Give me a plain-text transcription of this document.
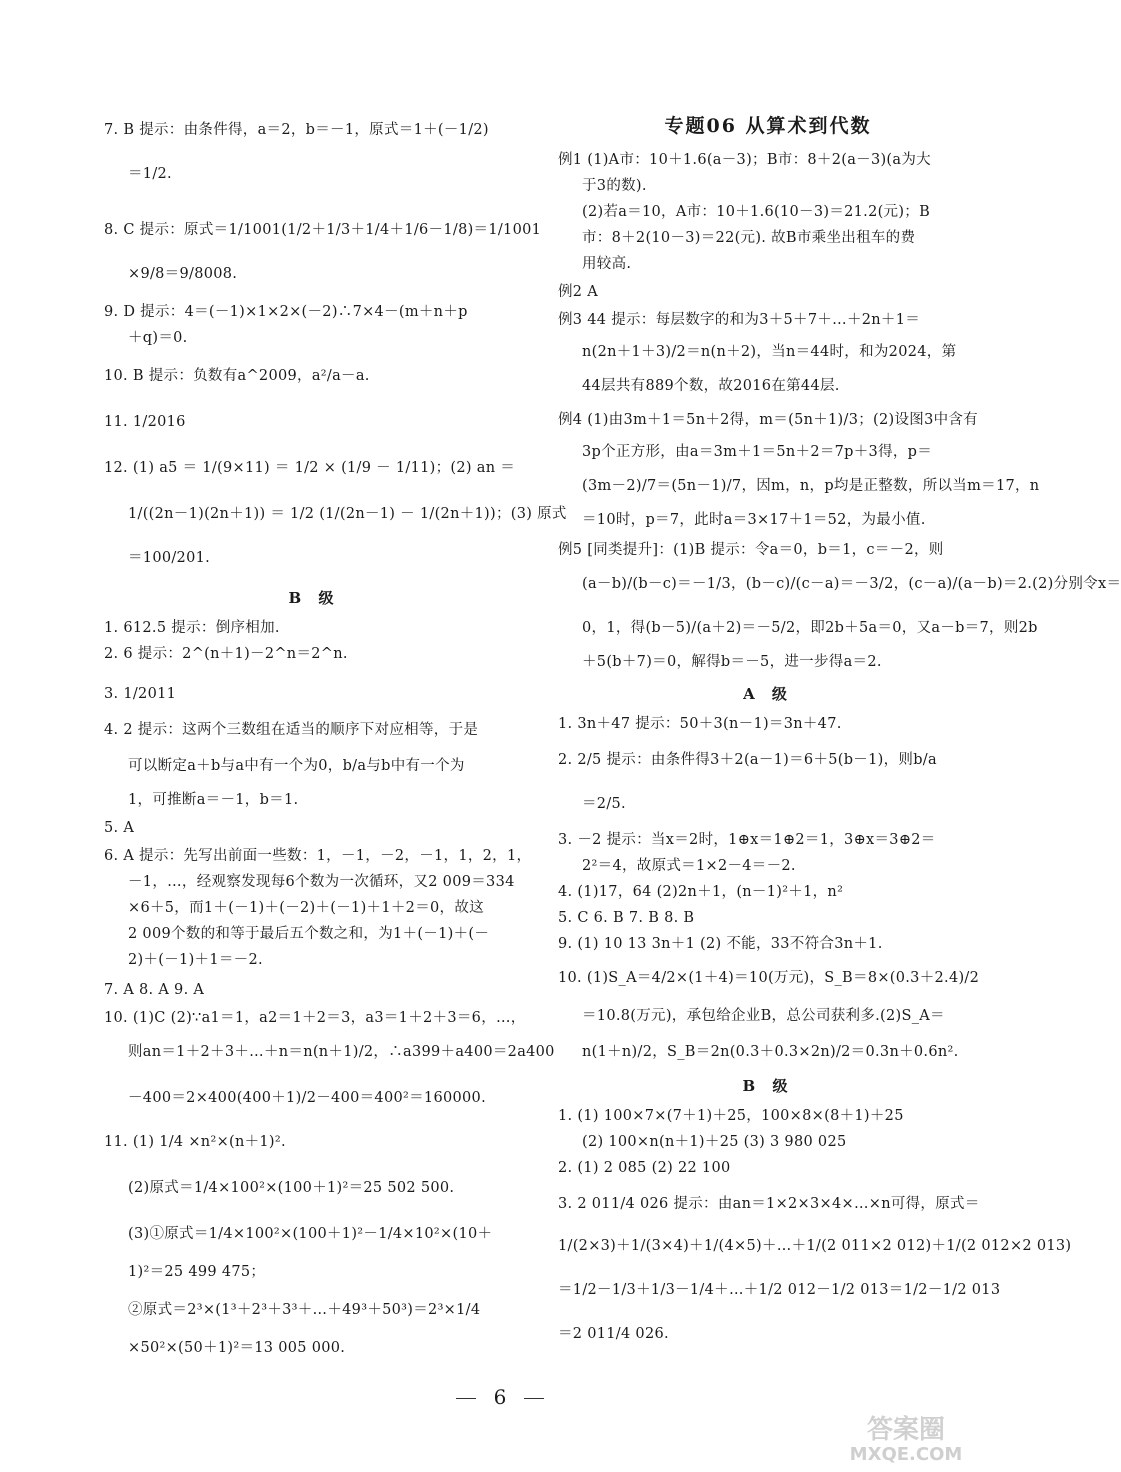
7. B 提示：由条件得，a＝2，b＝－1，原式＝1＋(－1/2)
＝1/2.
8. C 提示：原式＝1/1001(1/2＋1/3＋1/4＋1/6－1/8)＝1/1001
×9/8＝9/8008.
9. D 提示：4＝(－1)×1×2×(－2)∴7×4－(m＋n＋p
＋q)＝0.
10. B 提示：负数有a^2009，a²/a－a.
11. 1/2016
12. (1) a5 ＝ 1/(9×11) ＝ 1/2 × (1/9 － 1/11)；(2) an ＝
1/((2n－1)(2n＋1)) ＝ 1/2 (1/(2n－1) － 1/(2n＋1))；(3) 原式
＝100/201.
B 级
1. 612.5 提示：倒序相加.
2. 6 提示：2^(n＋1)－2^n＝2^n.
3. 1/2011
4. 2 提示：这两个三数组在适当的顺序下对应相等，于是
可以断定a＋b与a中有一个为0，b/a与b中有一个为
1，可推断a＝－1，b＝1.
5. A
6. A 提示：先写出前面一些数：1，－1，－2，－1，1，2，1，
－1，…，经观察发现每6个数为一次循环，又2 009＝334
×6＋5，而1＋(－1)＋(－2)＋(－1)＋1＋2＝0，故这
2 009个数的和等于最后五个数之和，为1＋(－1)＋(－
2)＋(－1)＋1＝－2.
7. A 8. A 9. A
10. (1)C (2)∵a1＝1，a2＝1＋2＝3，a3＝1＋2＋3＝6，…，
则an＝1＋2＋3＋…＋n＝n(n＋1)/2，∴a399＋a400＝2a400
－400＝2×400(400＋1)/2－400＝400²＝160000.
11. (1) 1/4 ×n²×(n＋1)².
(2)原式＝1/4×100²×(100＋1)²＝25 502 500.
(3)①原式＝1/4×100²×(100＋1)²－1/4×10²×(10＋
1)²＝25 499 475；
②原式＝2³×(1³＋2³＋3³＋…＋49³＋50³)＝2³×1/4
×50²×(50＋1)²＝13 005 000.
专题06 从算术到代数
例1 (1)A市：10＋1.6(a－3)；B市：8＋2(a－3)(a为大
于3的数).
(2)若a＝10，A市：10＋1.6(10－3)＝21.2(元)；B
市：8＋2(10－3)＝22(元). 故B市乘坐出租车的费
用较高.
例2 A
例3 44 提示：每层数字的和为3＋5＋7＋…＋2n＋1＝
n(2n＋1＋3)/2＝n(n＋2)，当n＝44时，和为2024，第
44层共有889个数，故2016在第44层.
例4 (1)由3m＋1＝5n＋2得，m＝(5n＋1)/3；(2)设图3中含有
3p个正方形，由a＝3m＋1＝5n＋2＝7p＋3得，p＝
(3m－2)/7＝(5n－1)/7，因m，n，p均是正整数，所以当m＝17，n
＝10时，p＝7，此时a＝3×17＋1＝52，为最小值.
例5 [同类提升]：(1)B 提示：令a＝0，b＝1，c＝－2，则
(a－b)/(b－c)＝－1/3，(b－c)/(c－a)＝－3/2，(c－a)/(a－b)＝2.(2)分别令x＝
0，1，得(b－5)/(a＋2)＝－5/2，即2b＋5a＝0，又a－b＝7，则2b
＋5(b＋7)＝0，解得b＝－5，进一步得a＝2.
A 级
1. 3n＋47 提示：50＋3(n－1)＝3n＋47.
2. 2/5 提示：由条件得3＋2(a－1)＝6＋5(b－1)，则b/a
＝2/5.
3. －2 提示：当x＝2时，1⊕x＝1⊕2＝1，3⊕x＝3⊕2＝
2²＝4，故原式＝1×2－4＝－2.
4. (1)17，64 (2)2n＋1，(n－1)²＋1，n²
5. C 6. B 7. B 8. B
9. (1) 10 13 3n＋1 (2) 不能，33不符合3n＋1.
10. (1)S_A＝4/2×(1＋4)＝10(万元)，S_B＝8×(0.3＋2.4)/2
＝10.8(万元)，承包给企业B，总公司获利多.(2)S_A＝
n(1＋n)/2，S_B＝2n(0.3＋0.3×2n)/2＝0.3n＋0.6n².
B 级
1. (1) 100×7×(7＋1)＋25，100×8×(8＋1)＋25
(2) 100×n(n＋1)＋25 (3) 3 980 025
2. (1) 2 085 (2) 22 100
3. 2 011/4 026 提示：由an＝1×2×3×4×…×n可得，原式＝
1/(2×3)＋1/(3×4)＋1/(4×5)＋…＋1/(2 011×2 012)＋1/(2 012×2 013)
＝1/2－1/3＋1/3－1/4＋…＋1/2 012－1/2 013＝1/2－1/2 013
＝2 011/4 026.
6
答案圈
MXQE.COM
